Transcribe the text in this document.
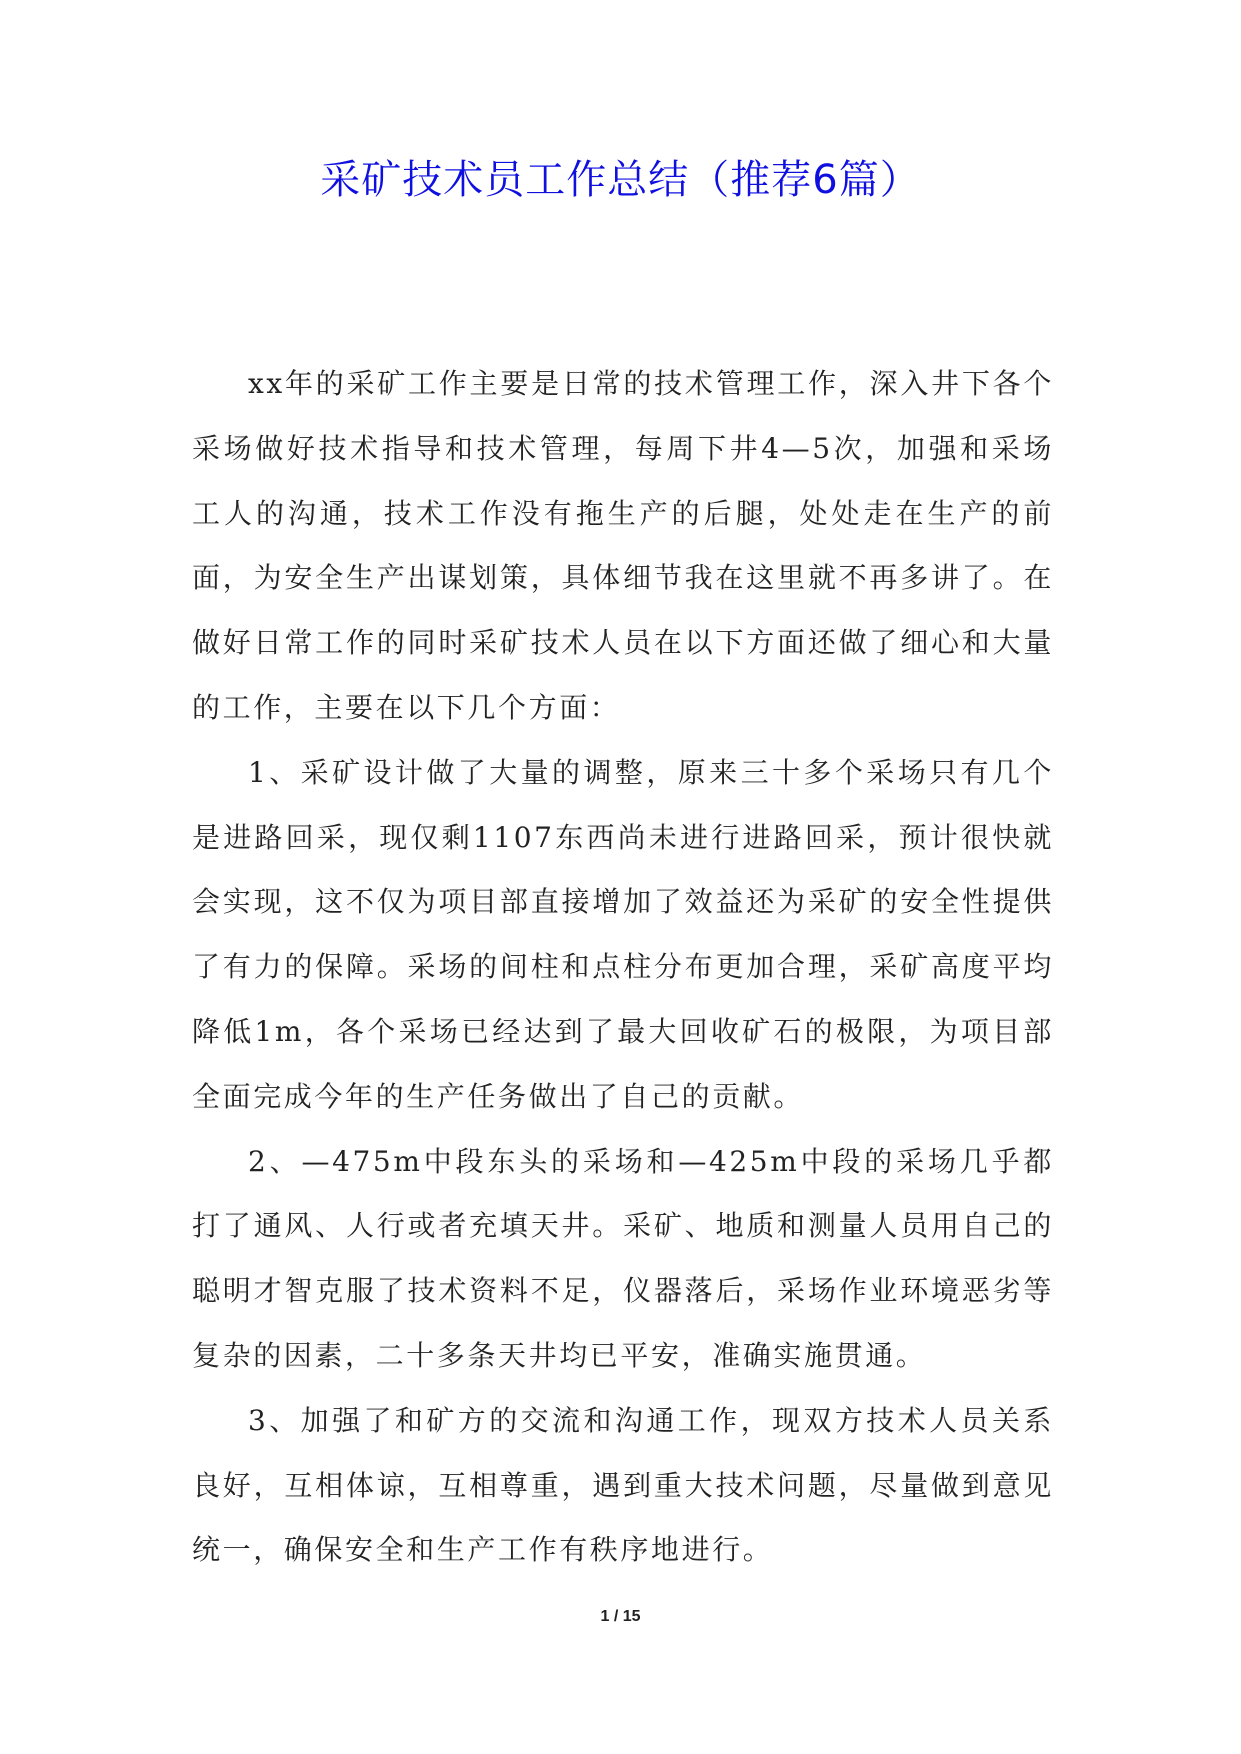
采矿技术员工作总结（推荐6篇）

xx年的采矿工作主要是日常的技术管理工作，深入井下各个采场做好技术指导和技术管理，每周下井4—5次，加强和采场工人的沟通，技术工作没有拖生产的后腿，处处走在生产的前面，为安全生产出谋划策，具体细节我在这里就不再多讲了。在做好日常工作的同时采矿技术人员在以下方面还做了细心和大量的工作，主要在以下几个方面：

1、采矿设计做了大量的调整，原来三十多个采场只有几个是进路回采，现仅剩1107东西尚未进行进路回采，预计很快就会实现，这不仅为项目部直接增加了效益还为采矿的安全性提供了有力的保障。采场的间柱和点柱分布更加合理，采矿高度平均降低1m，各个采场已经达到了最大回收矿石的极限，为项目部全面完成今年的生产任务做出了自己的贡献。

2、—475m中段东头的采场和—425m中段的采场几乎都打了通风、人行或者充填天井。采矿、地质和测量人员用自己的聪明才智克服了技术资料不足，仪器落后，采场作业环境恶劣等复杂的因素，二十多条天井均已平安，准确实施贯通。

3、加强了和矿方的交流和沟通工作，现双方技术人员关系良好，互相体谅，互相尊重，遇到重大技术问题，尽量做到意见统一，确保安全和生产工作有秩序地进行。

1 / 15
